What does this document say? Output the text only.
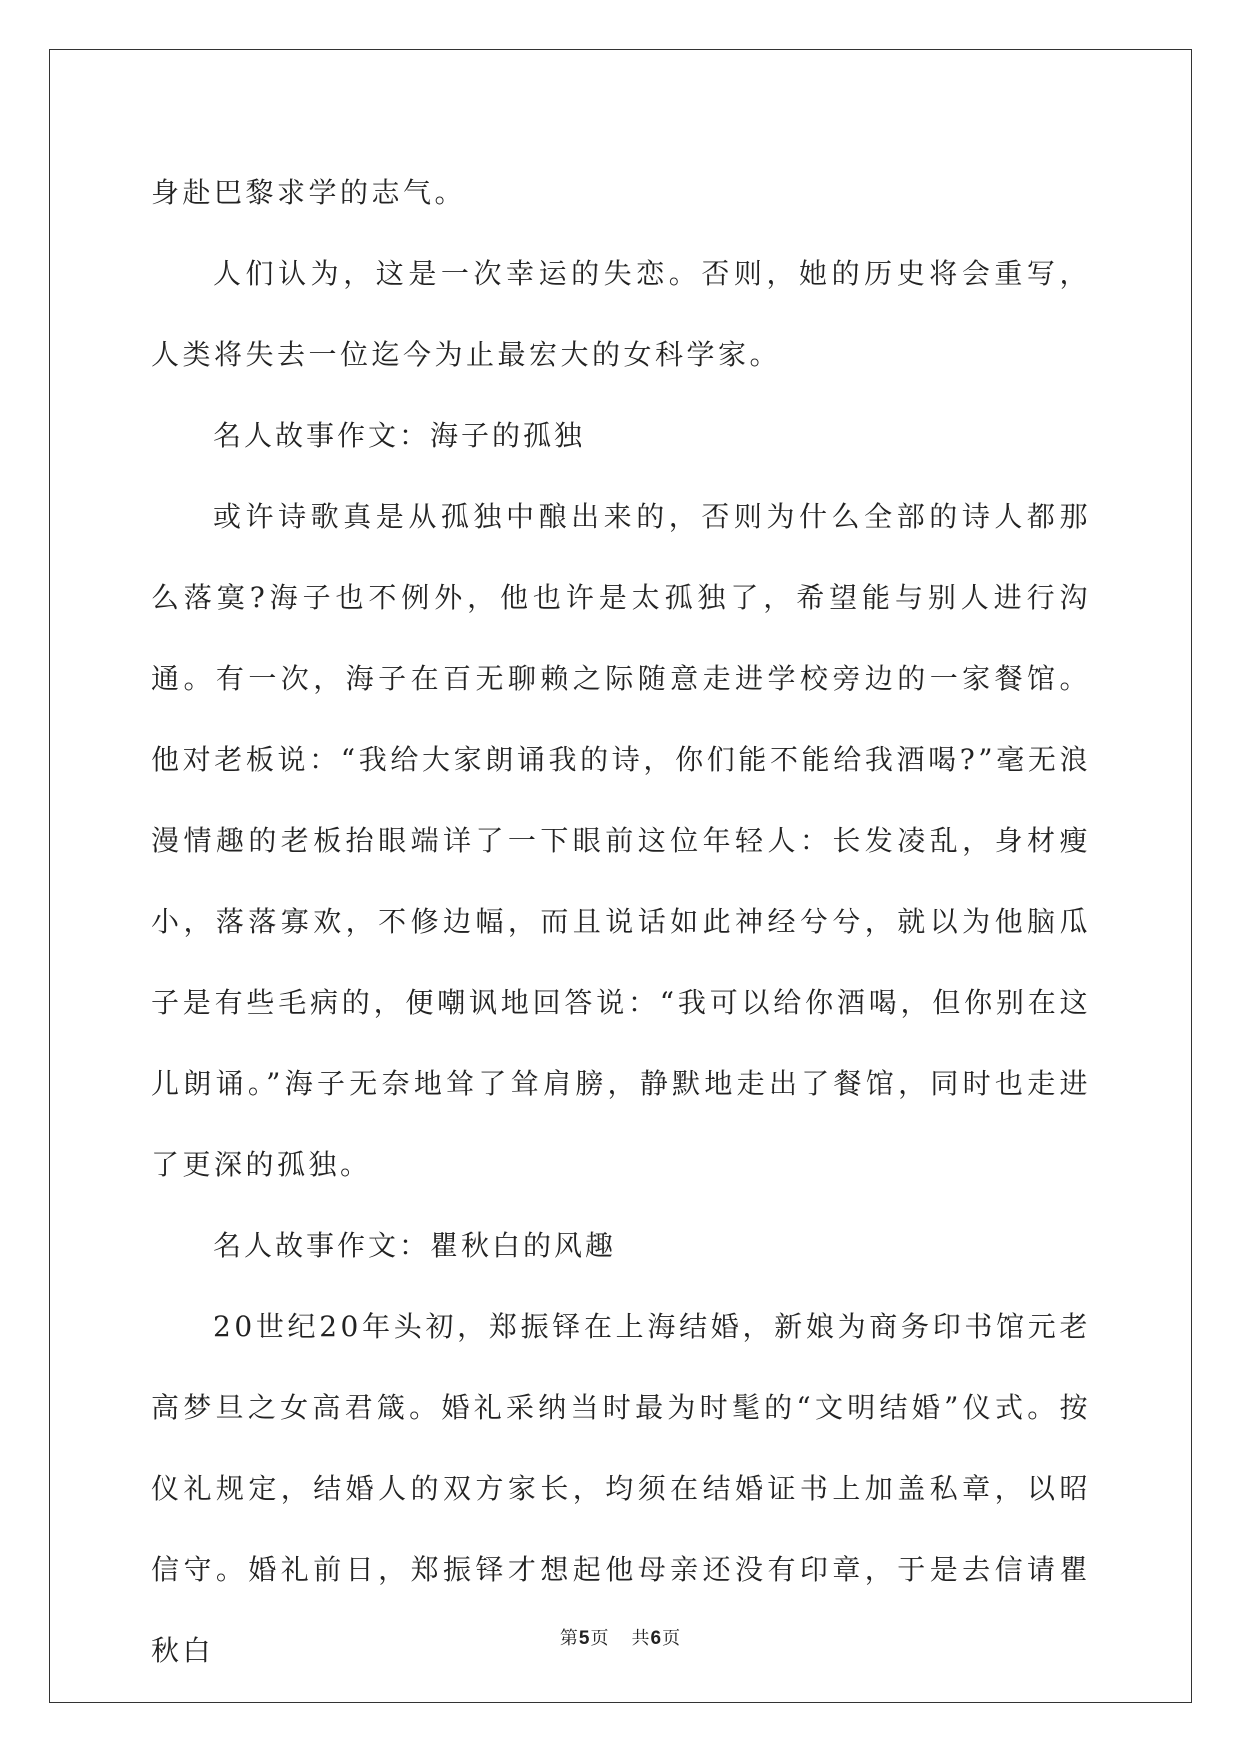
身赴巴黎求学的志气。

人们认为，这是一次幸运的失恋。否则，她的历史将会重写，人类将失去一位迄今为止最宏大的女科学家。

名人故事作文：海子的孤独

或许诗歌真是从孤独中酿出来的，否则为什么全部的诗人都那么落寞?海子也不例外，他也许是太孤独了，希望能与别人进行沟通。有一次，海子在百无聊赖之际随意走进学校旁边的一家餐馆。他对老板说：“我给大家朗诵我的诗，你们能不能给我酒喝?”毫无浪漫情趣的老板抬眼端详了一下眼前这位年轻人：长发凌乱，身材瘦小，落落寡欢，不修边幅，而且说话如此神经兮兮，就以为他脑瓜子是有些毛病的，便嘲讽地回答说：“我可以给你酒喝，但你别在这儿朗诵。”海子无奈地耸了耸肩膀，静默地走出了餐馆，同时也走进了更深的孤独。

名人故事作文：瞿秋白的风趣

20世纪20年头初，郑振铎在上海结婚，新娘为商务印书馆元老高梦旦之女高君箴。婚礼采纳当时最为时髦的“文明结婚”仪式。按仪礼规定，结婚人的双方家长，均须在结婚证书上加盖私章，以昭信守。婚礼前日，郑振铎才想起他母亲还没有印章，于是去信请瞿秋白	第5页 共6页
